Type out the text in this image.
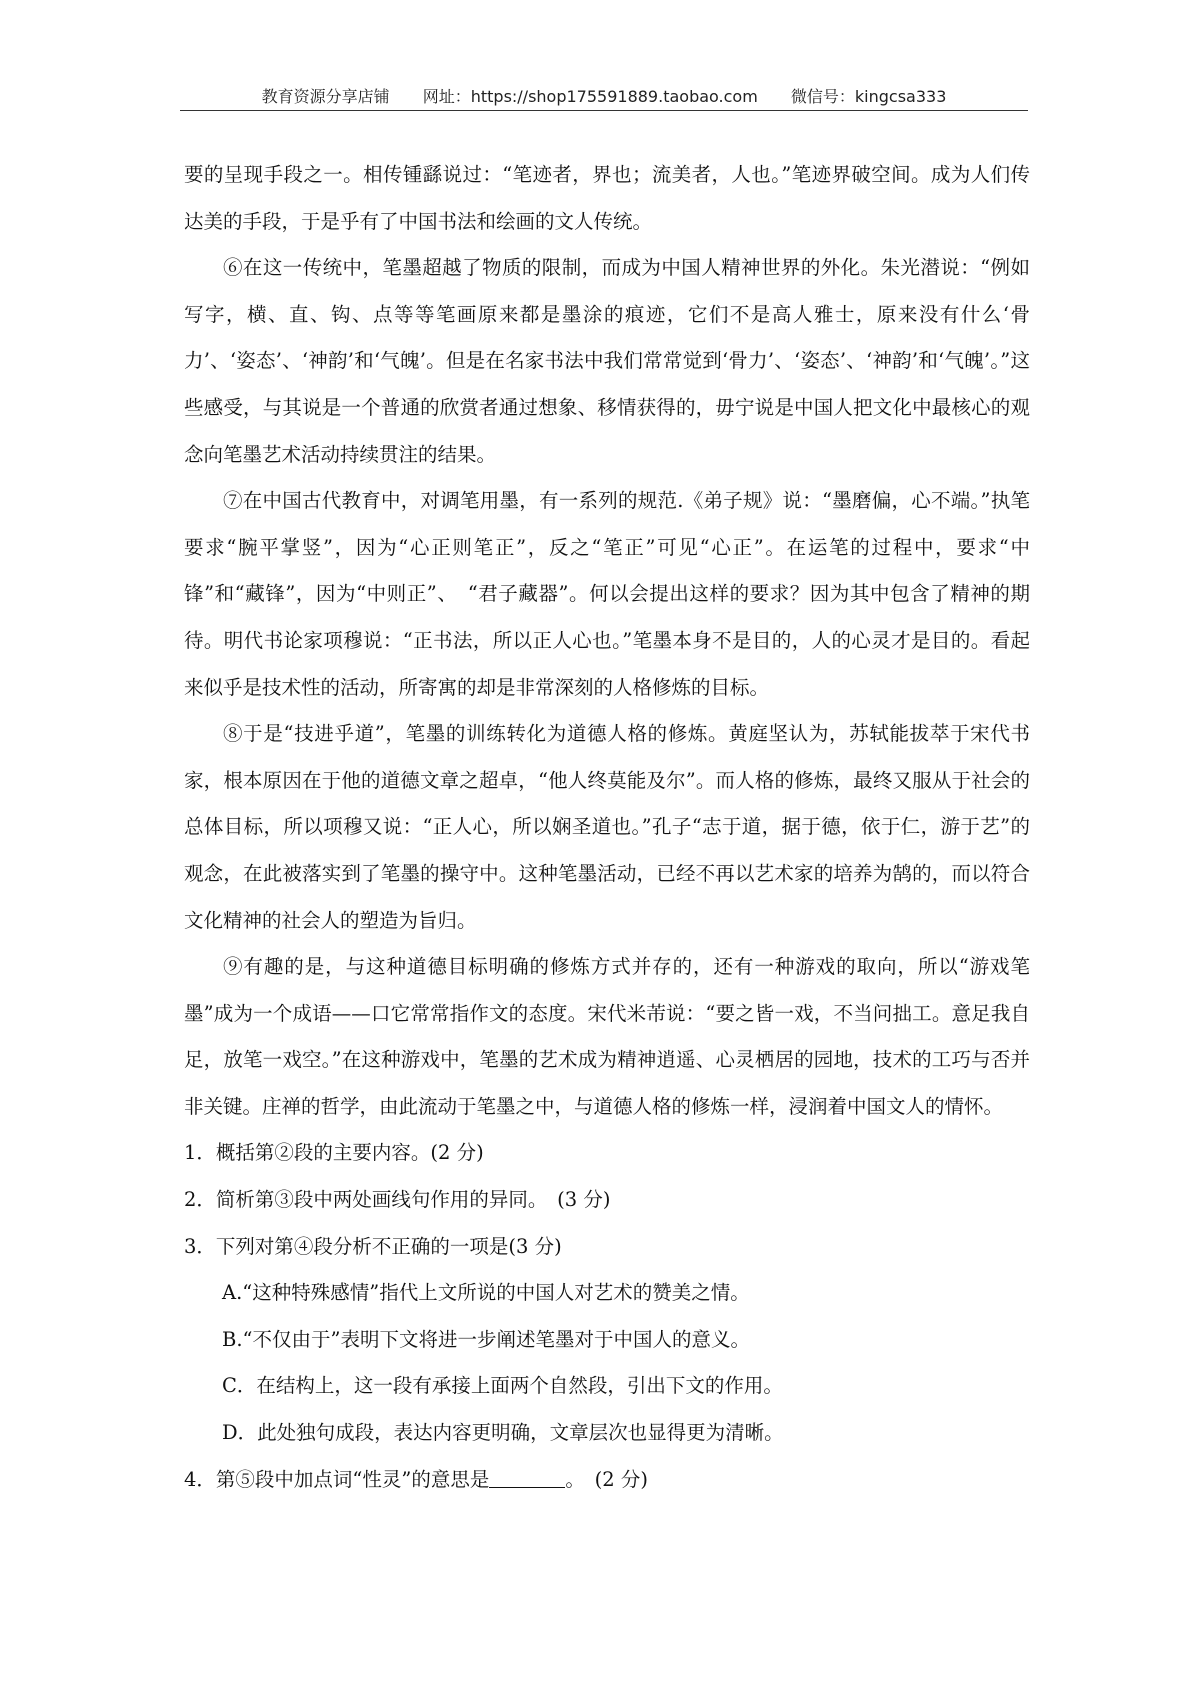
教育资源分享店铺 网址：https://shop175591889.taobao.com 微信号：kingcsa333

要的呈现手段之一。相传锺繇说过：“笔迹者，界也；流美者，人也。”笔迹界破空间。成为人们传达美的手段，于是乎有了中国书法和绘画的文人传统。

⑥在这一传统中，笔墨超越了物质的限制，而成为中国人精神世界的外化。朱光潜说：“例如写字，横、直、钩、点等等笔画原来都是墨涂的痕迹，它们不是高人雅士，原来没有什么‘骨力’、‘姿态’、‘神韵’和‘气魄’。但是在名家书法中我们常常觉到‘骨力’、‘姿态’、‘神韵’和‘气魄’。”这些感受，与其说是一个普通的欣赏者通过想象、移情获得的，毋宁说是中国人把文化中最核心的观念向笔墨艺术活动持续贯注的结果。

⑦在中国古代教育中，对调笔用墨，有一系列的规范.《弟子规》说：“墨磨偏，心不端。”执笔要求“腕平掌竖”，因为“心正则笔正”，反之“笔正”可见“心正”。在运笔的过程中，要求“中锋”和“藏锋”，因为“中则正”、　“君子藏器”。何以会提出这样的要求？因为其中包含了精神的期待。明代书论家项穆说：“正书法，所以正人心也。”笔墨本身不是目的，人的心灵才是目的。看起来似乎是技术性的活动，所寄寓的却是非常深刻的人格修炼的目标。

⑧于是“技进乎道”，笔墨的训练转化为道德人格的修炼。黄庭坚认为，苏轼能拔萃于宋代书家，根本原因在于他的道德文章之超卓，“他人终莫能及尔”。而人格的修炼，最终又服从于社会的总体目标，所以项穆又说：“正人心，所以娴圣道也。”孔子“志于道，据于德，依于仁，游于艺”的观念，在此被落实到了笔墨的操守中。这种笔墨活动，已经不再以艺术家的培养为鹄的，而以符合文化精神的社会人的塑造为旨归。

⑨有趣的是，与这种道德目标明确的修炼方式并存的，还有一种游戏的取向，所以“游戏笔墨”成为一个成语——口它常常指作文的态度。宋代米芾说：“要之皆一戏，不当问拙工。意足我自足，放笔一戏空。”在这种游戏中，笔墨的艺术成为精神逍遥、心灵栖居的园地，技术的工巧与否并非关键。庄禅的哲学，由此流动于笔墨之中，与道德人格的修炼一样，浸润着中国文人的情怀。

1．概括第②段的主要内容。(2 分)

2．简析第③段中两处画线句作用的异同。　(3 分)

3．下列对第④段分析不正确的一项是(3 分)

A.“这种特殊感情”指代上文所说的中国人对艺术的赞美之情。

B.“不仅由于”表明下文将进一步阐述笔墨对于中国人的意义。

C．在结构上，这一段有承接上面两个自然段，引出下文的作用。

D．此处独句成段，表达内容更明确，文章层次也显得更为清晰。

4．第⑤段中加点词“性灵”的意思是	。　(2 分)
